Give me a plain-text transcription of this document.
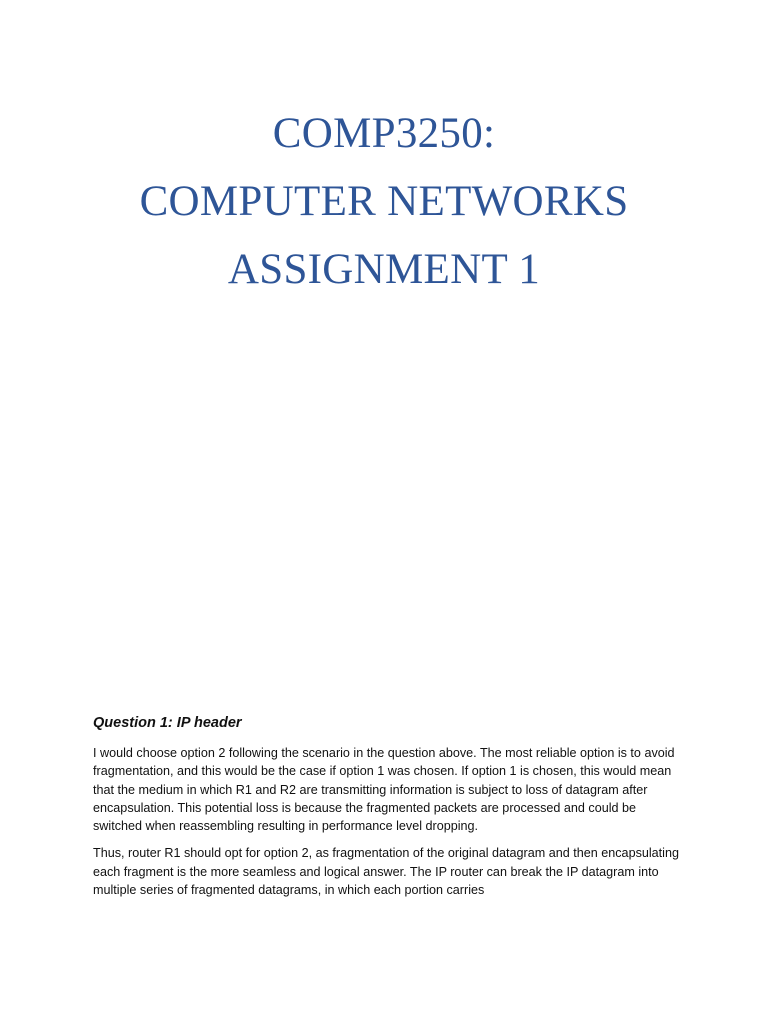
COMP3250:
COMPUTER NETWORKS
ASSIGNMENT 1
Question 1: IP header

I would choose option 2 following the scenario in the question above. The most reliable option is to avoid fragmentation, and this would be the case if option 1 was chosen. If option 1 is chosen, this would mean that the medium in which R1 and R2 are transmitting information is subject to loss of datagram after encapsulation. This potential loss is because the fragmented packets are processed and could be switched when reassembling resulting in performance level dropping.

Thus, router R1 should opt for option 2, as fragmentation of the original datagram and then encapsulating each fragment is the more seamless and logical answer. The IP router can break the IP datagram into multiple series of fragmented datagrams, in which each portion carries
